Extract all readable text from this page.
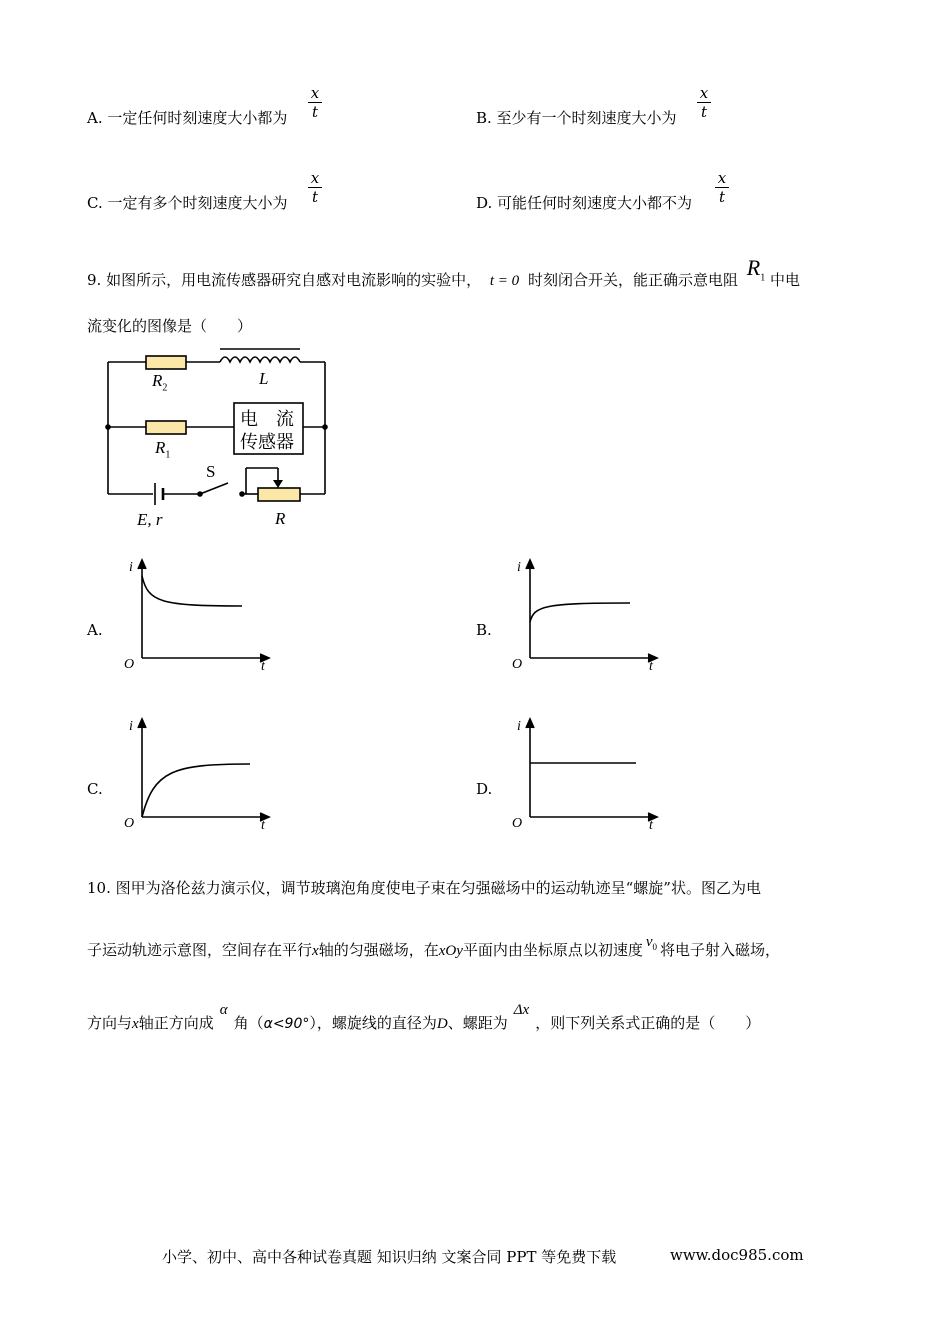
A. 一定任何时刻速度大小都为
x
t	B. 至少有一个时刻速度大小为
x
t
C. 一定有多个时刻速度大小为
x
t	D. 可能任何时刻速度大小都不为
x
t
9. 如图所示，用电流传感器研究自感对电流影响的实验中， t = 0 时刻闭合开关，能正确示意电阻 $R_1$ 中电
流变化的图像是（　　）
$R_2$	L
$R_1$
电　流
传感器
S
E, r	R
A.
i
O	t
B.
i
O	t
C.
i
O	t
D.
i
O	t
10. 图甲为洛伦兹力演示仪，调节玻璃泡角度使电子束在匀强磁场中的运动轨迹呈“螺旋”状。图乙为电
子运动轨迹示意图，空间存在平行x轴的匀强磁场，在xOy平面内由坐标原点以初速度 $v_0$ 将电子射入磁场，
方向与x轴正方向成α角（α<90°），螺旋线的直径为D、螺距为Δx，则下列关系式正确的是（　　）
小学、初中、高中各种试卷真题 知识归纳 文案合同 PPT 等免费下载	www.doc985.com
